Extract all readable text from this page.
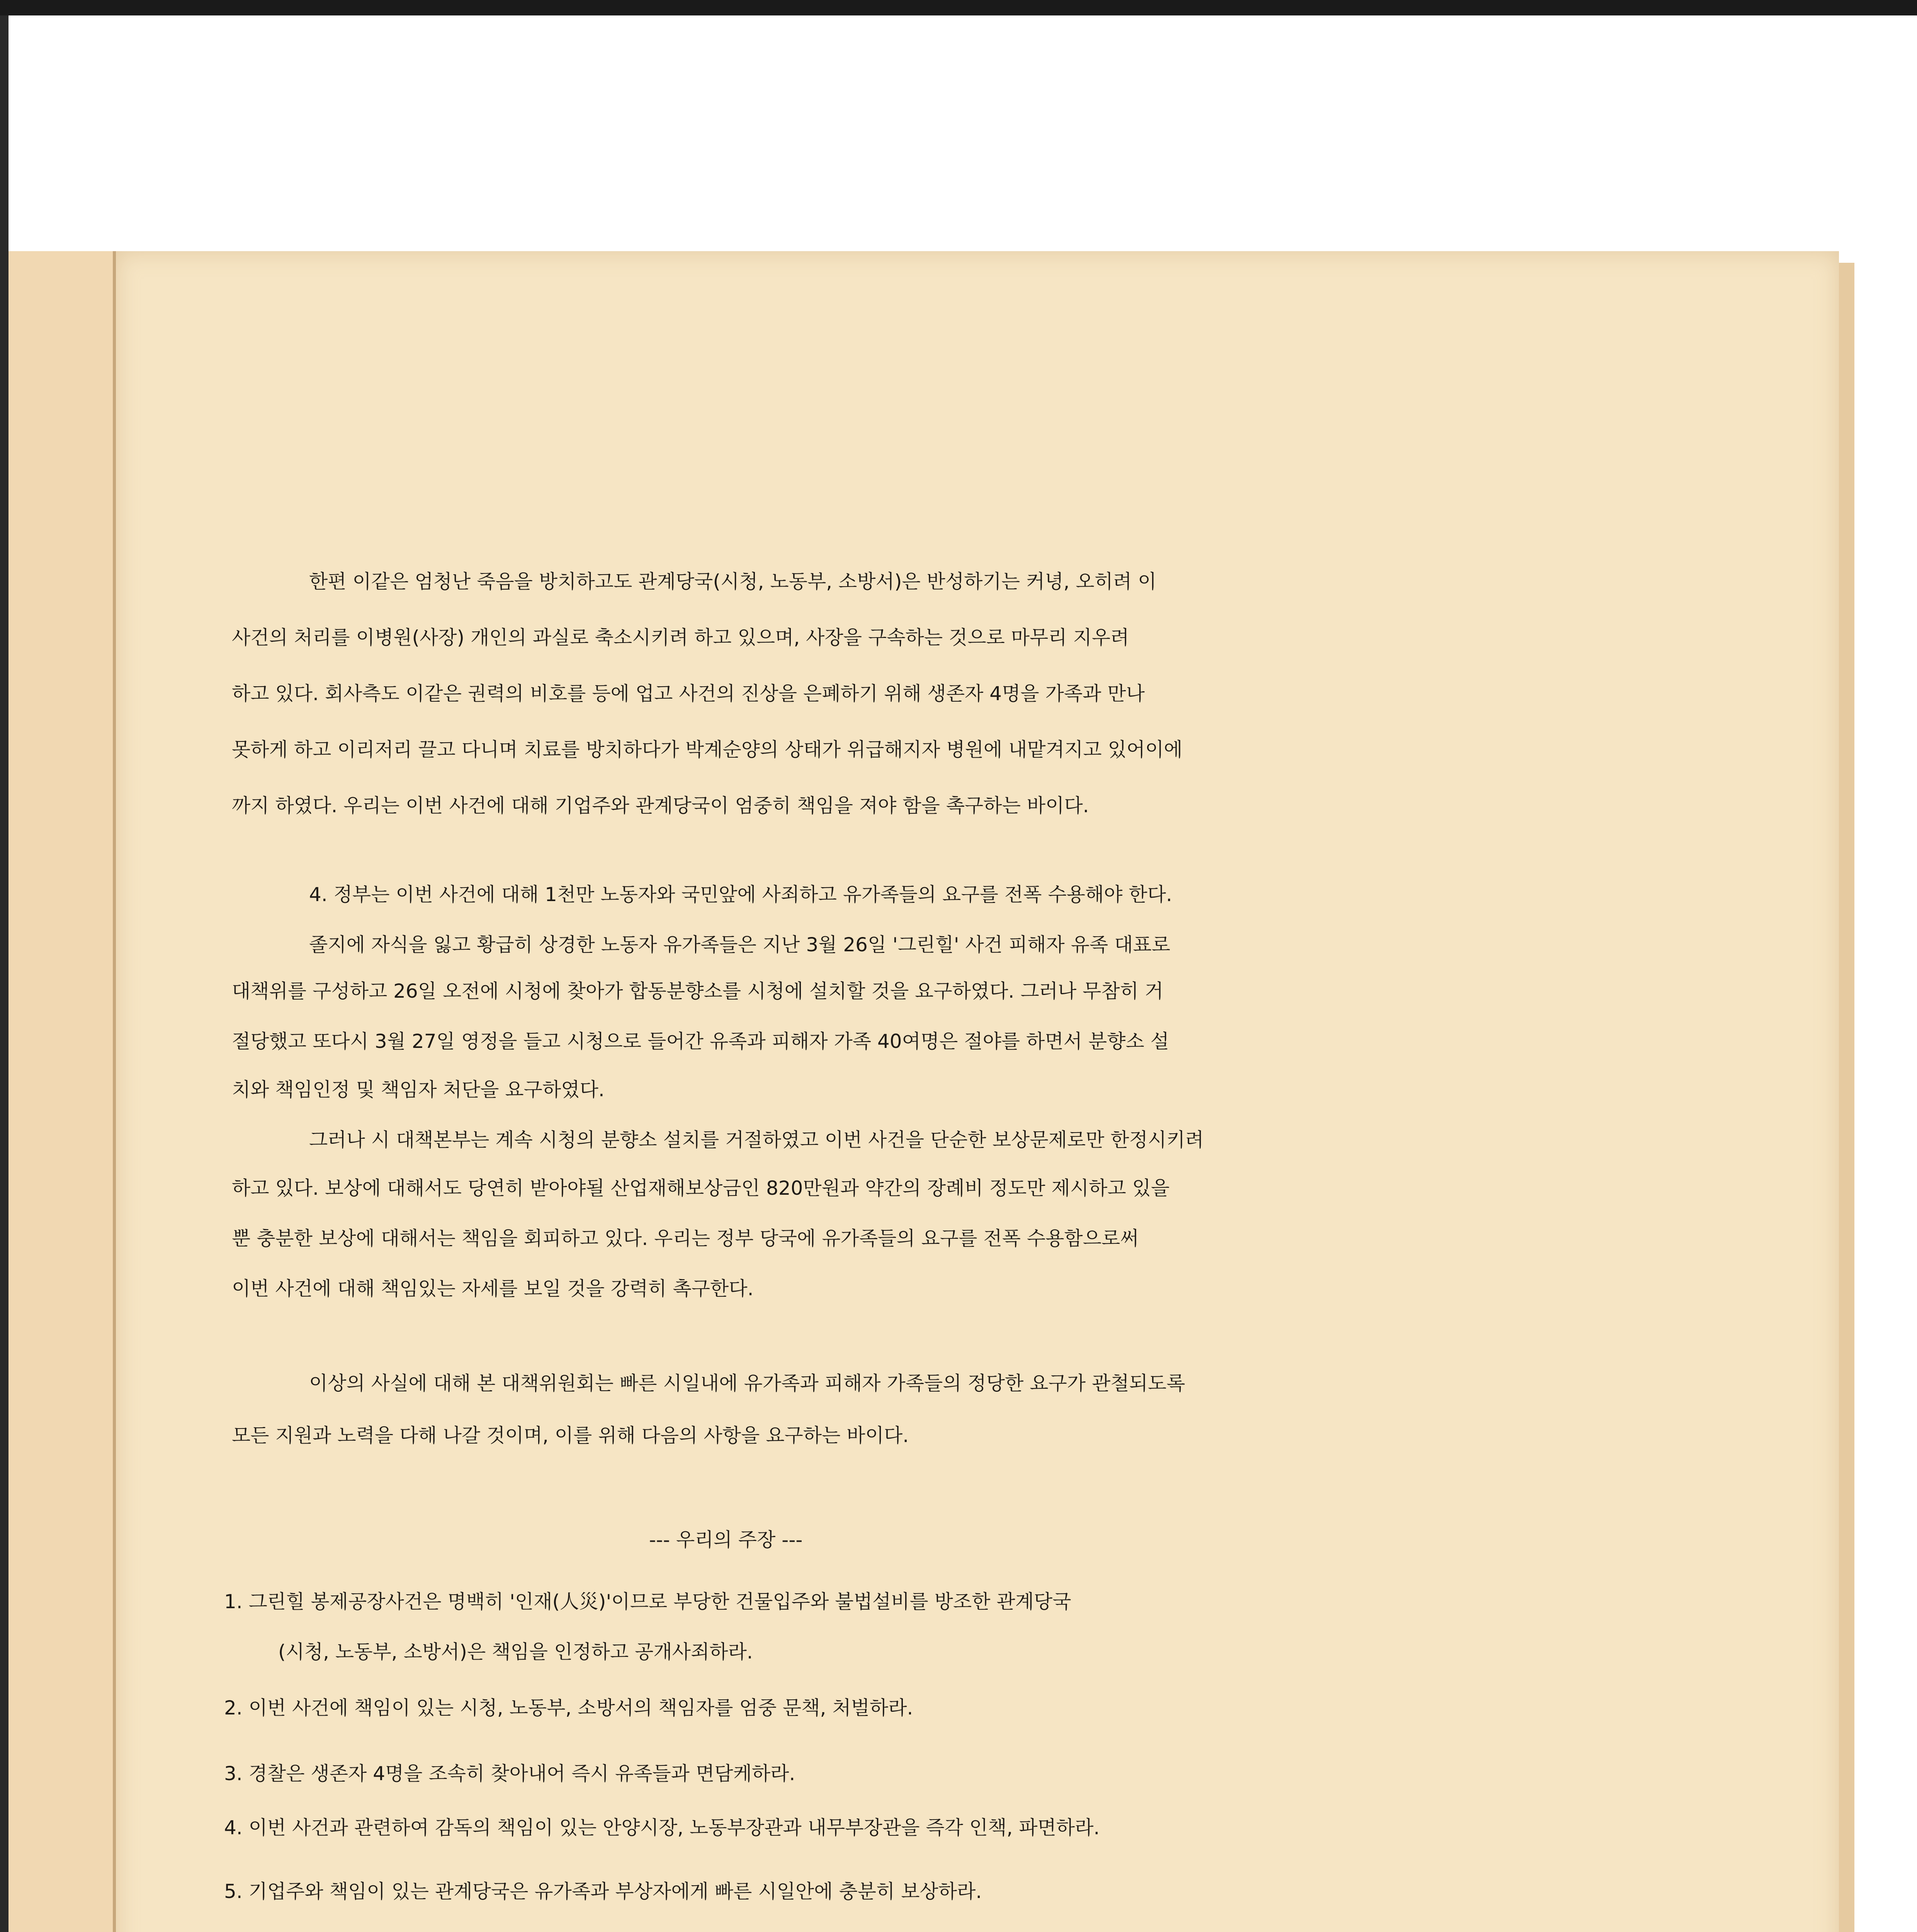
한편 이같은 엄청난 죽음을 방치하고도 관계당국(시청, 노동부, 소방서)은 반성하기는 커녕, 오히려 이
사건의 처리를 이병원(사장) 개인의 과실로 축소시키려 하고 있으며, 사장을 구속하는 것으로 마무리 지우려
하고 있다. 회사측도 이같은 권력의 비호를 등에 업고 사건의 진상을 은폐하기 위해 생존자 4명을 가족과 만나
못하게 하고 이리저리 끌고 다니며 치료를 방치하다가 박계순양의 상태가 위급해지자 병원에 내맡겨지고 있어이에
까지 하였다. 우리는 이번 사건에 대해 기업주와 관계당국이 엄중히 책임을 져야 함을 촉구하는 바이다.
4. 정부는 이번 사건에 대해 1천만 노동자와 국민앞에 사죄하고 유가족들의 요구를 전폭 수용해야 한다.
졸지에 자식을 잃고 황급히 상경한 노동자 유가족들은 지난 3월 26일 '그린힐' 사건 피해자 유족 대표로
대책위를 구성하고 26일 오전에 시청에 찾아가 합동분향소를 시청에 설치할 것을 요구하였다. 그러나 무참히 거
절당했고 또다시 3월 27일 영정을 들고 시청으로 들어간 유족과 피해자 가족 40여명은 절야를 하면서 분향소 설
치와 책임인정 및 책임자 처단을 요구하였다.
그러나 시 대책본부는 계속 시청의 분향소 설치를 거절하였고 이번 사건을 단순한 보상문제로만 한정시키려
하고 있다. 보상에 대해서도 당연히 받아야될 산업재해보상금인 820만원과 약간의 장례비 정도만 제시하고 있을
뿐 충분한 보상에 대해서는 책임을 회피하고 있다. 우리는 정부 당국에 유가족들의 요구를 전폭 수용함으로써
이번 사건에 대해 책임있는 자세를 보일 것을 강력히 촉구한다.
이상의 사실에 대해 본 대책위원회는 빠른 시일내에 유가족과 피해자 가족들의 정당한 요구가 관철되도록
모든 지원과 노력을 다해 나갈 것이며, 이를 위해 다음의 사항을 요구하는 바이다.
--- 우리의 주장 ---
1. 그린힐 봉제공장사건은 명백히 '인재(人災)'이므로 부당한 건물입주와 불법설비를 방조한 관계당국
(시청, 노동부, 소방서)은 책임을 인정하고 공개사죄하라.
2. 이번 사건에 책임이 있는 시청, 노동부, 소방서의 책임자를 엄중 문책, 처벌하라.
3. 경찰은 생존자 4명을 조속히 찾아내어 즉시 유족들과 면담케하라.
4. 이번 사건과 관련하여 감독의 책임이 있는 안양시장, 노동부장관과 내무부장관을 즉각 인책, 파면하라.
5. 기업주와 책임이 있는 관계당국은 유가족과 부상자에게 빠른 시일안에 충분히 보상하라.
